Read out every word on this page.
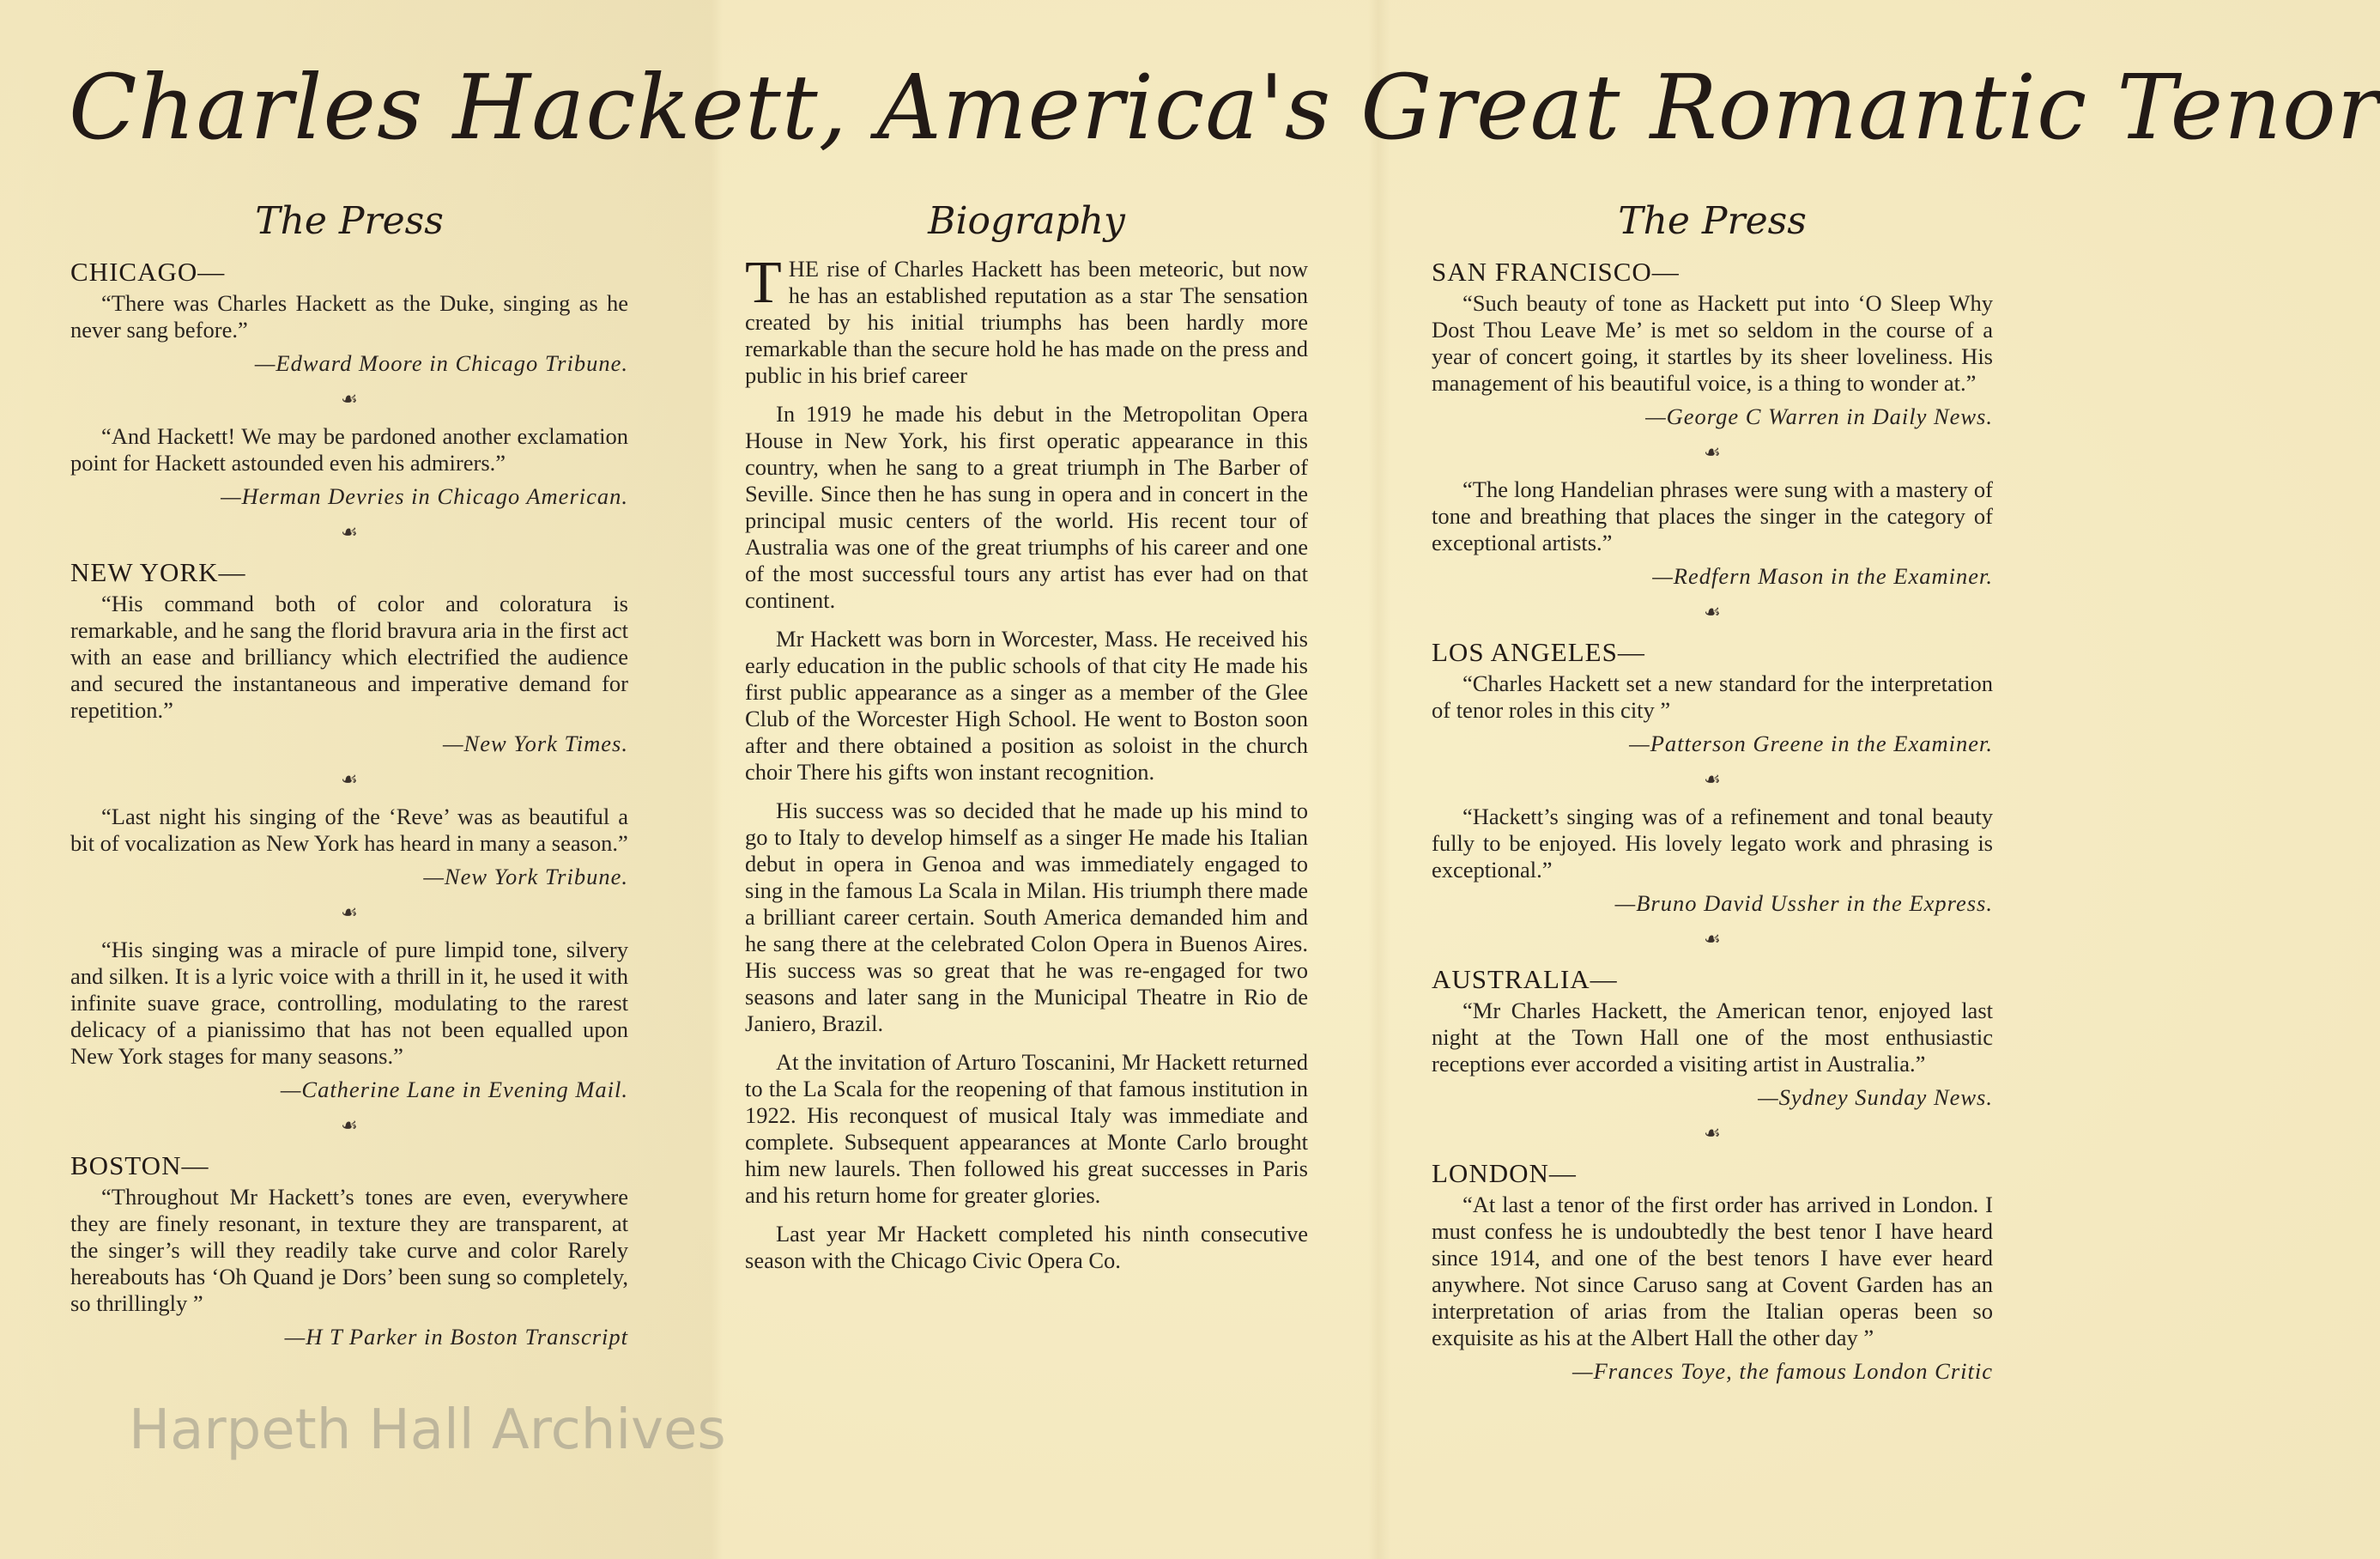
Charles Hackett, America's Great Romantic Tenor
The Press
CHICAGO—

“There was Charles Hackett as the Duke, singing as he never sang before.”

—Edward Moore in Chicago Tribune.

☙

“And Hackett! We may be pardoned another exclamation point for Hackett astounded even his admirers.”

—Herman Devries in Chicago American.

☙
NEW YORK—

“His command both of color and coloratura is remarkable, and he sang the florid bravura aria in the first act with an ease and brilliancy which electrified the audience and secured the instantaneous and imperative demand for repetition.”

—New York Times.

☙

“Last night his singing of the ‘Reve’ was as beautiful a bit of vocalization as New York has heard in many a season.”

—New York Tribune.

☙

“His singing was a miracle of pure limpid tone, silvery and silken. It is a lyric voice with a thrill in it, he used it with infinite suave grace, controlling, modulating to the rarest delicacy of a pianissimo that has not been equalled upon New York stages for many seasons.”

—Catherine Lane in Evening Mail.

☙
BOSTON—

“Throughout Mr Hackett’s tones are even, everywhere they are finely resonant, in texture they are transparent, at the singer’s will they readily take curve and color Rarely hereabouts has ‘Oh Quand je Dors’ been sung so completely, so thrillingly ”

—H T Parker in Boston Transcript

Biography

THE rise of Charles Hackett has been meteoric, but now he has an established reputation as a star The sensation created by his initial triumphs has been hardly more remarkable than the secure hold he has made on the press and public in his brief career

In 1919 he made his debut in the Metropolitan Opera House in New York, his first operatic appearance in this country, when he sang to a great triumph in The Barber of Seville. Since then he has sung in opera and in concert in the principal music centers of the world. His recent tour of Australia was one of the great triumphs of his career and one of the most successful tours any artist has ever had on that continent.

Mr Hackett was born in Worcester, Mass. He received his early education in the public schools of that city He made his first public appearance as a singer as a member of the Glee Club of the Worcester High School. He went to Boston soon after and there obtained a position as soloist in the church choir There his gifts won instant recognition.

His success was so decided that he made up his mind to go to Italy to develop himself as a singer He made his Italian debut in opera in Genoa and was immediately engaged to sing in the famous La Scala in Milan. His triumph there made a brilliant career certain. South America demanded him and he sang there at the celebrated Colon Opera in Buenos Aires. His success was so great that he was re-engaged for two seasons and later sang in the Municipal Theatre in Rio de Janiero, Brazil.

At the invitation of Arturo Toscanini, Mr Hackett returned to the La Scala for the reopening of that famous institution in 1922. His reconquest of musical Italy was immediate and complete. Subsequent appearances at Monte Carlo brought him new laurels. Then followed his great successes in Paris and his return home for greater glories.

Last year Mr Hackett completed his ninth consecutive season with the Chicago Civic Opera Co.

The Press
SAN FRANCISCO—

“Such beauty of tone as Hackett put into ‘O Sleep Why Dost Thou Leave Me’ is met so seldom in the course of a year of concert going, it startles by its sheer loveliness. His management of his beautiful voice, is a thing to wonder at.”

—George C Warren in Daily News.

☙

“The long Handelian phrases were sung with a mastery of tone and breathing that places the singer in the category of exceptional artists.”

—Redfern Mason in the Examiner.

☙
LOS ANGELES—

“Charles Hackett set a new standard for the interpretation of tenor roles in this city ”

—Patterson Greene in the Examiner.

☙

“Hackett’s singing was of a refinement and tonal beauty fully to be enjoyed. His lovely legato work and phrasing is exceptional.”

—Bruno David Ussher in the Express.

☙
AUSTRALIA—

“Mr Charles Hackett, the American tenor, enjoyed last night at the Town Hall one of the most enthusiastic receptions ever accorded a visiting artist in Australia.”

—Sydney Sunday News.

☙
LONDON—

“At last a tenor of the first order has arrived in London. I must confess he is undoubtedly the best tenor I have heard since 1914, and one of the best tenors I have ever heard anywhere. Not since Caruso sang at Covent Garden has an interpretation of arias from the Italian operas been so exquisite as his at the Albert Hall the other day ”

—Frances Toye, the famous London Critic

Harpeth Hall Archives
